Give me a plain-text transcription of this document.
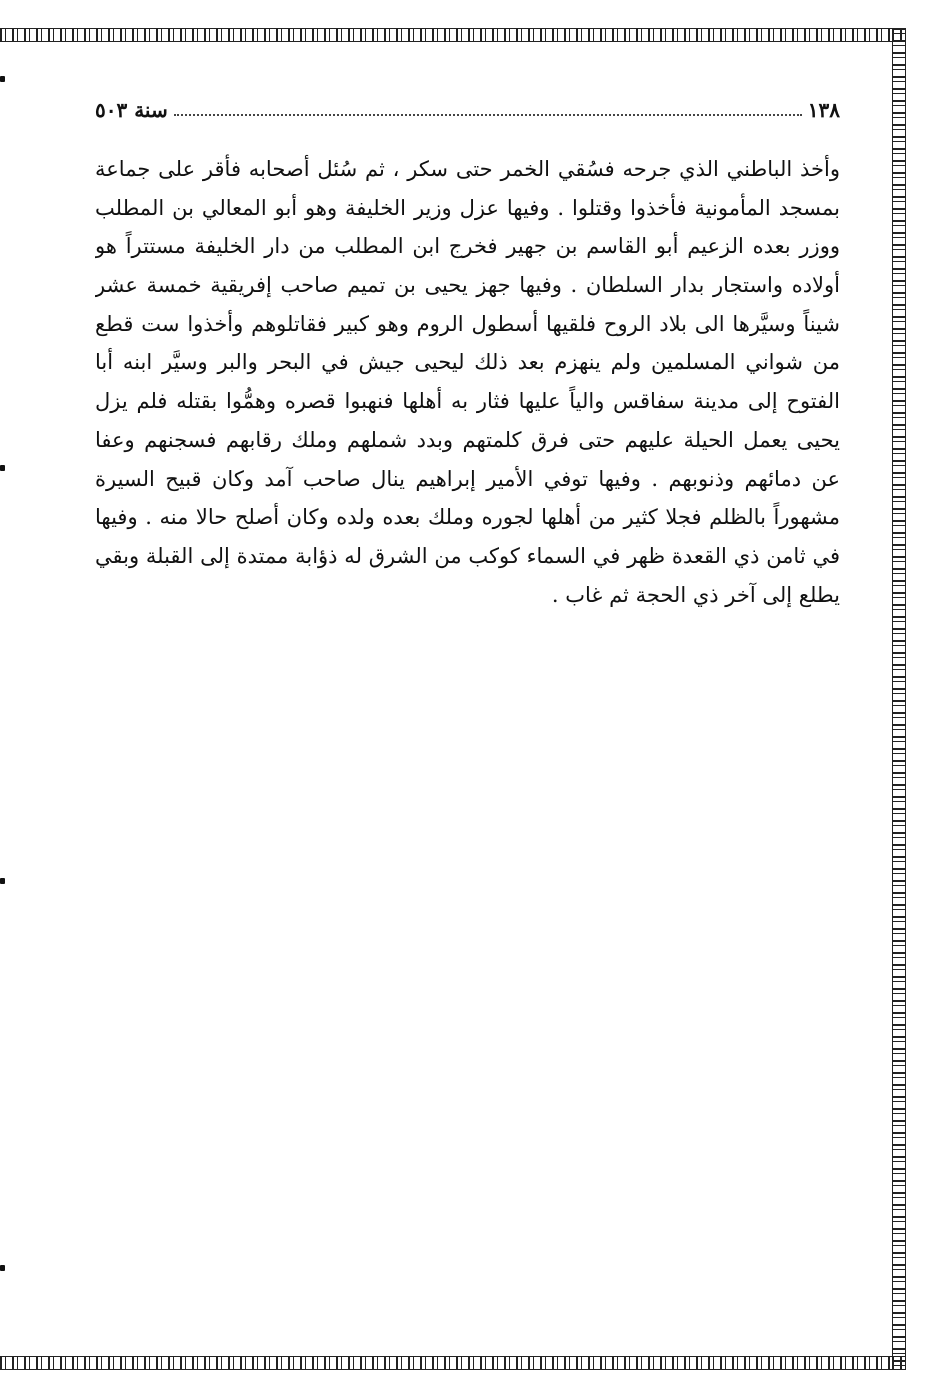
١٣٨
سنة ٥٠٣
وأخذ الباطني الذي جرحه فسُقي الخمر حتى سكر ، ثم سُئل أصحابه فأقر على جماعة
بمسجد المأمونية فأخذوا وقتلوا . وفيها عزل وزير الخليفة وهو أبو المعالي بن المطلب
ووزر بعده الزعيم أبو القاسم بن جهير فخرج ابن المطلب من دار الخليفة مستتراً هو
أولاده واستجار بدار السلطان . وفيها جهز يحيى بن تميم صاحب إفريقية خمسة عشر
شيناً وسيَّرها الى بلاد الروح فلقيها أسطول الروم وهو كبير فقاتلوهم وأخذوا ست قطع
من شواني المسلمين ولم ينهزم بعد ذلك ليحيى جيش في البحر والبر وسيَّر ابنه أبا
الفتوح إلى مدينة سفاقس والياً عليها فثار به أهلها فنهبوا قصره وهمُّوا بقتله فلم يزل
يحيى يعمل الحيلة عليهم حتى فرق كلمتهم وبدد شملهم وملك رقابهم فسجنهم وعفا
عن دمائهم وذنوبهم . وفيها توفي الأمير إبراهيم ينال صاحب آمد وكان قبيح السيرة
مشهوراً بالظلم فجلا كثير من أهلها لجوره وملك بعده ولده وكان أصلح حالا منه . وفيها
في ثامن ذي القعدة ظهر في السماء كوكب من الشرق له ذؤابة ممتدة إلى القبلة وبقي
يطلع إلى آخر ذي الحجة ثم غاب .
